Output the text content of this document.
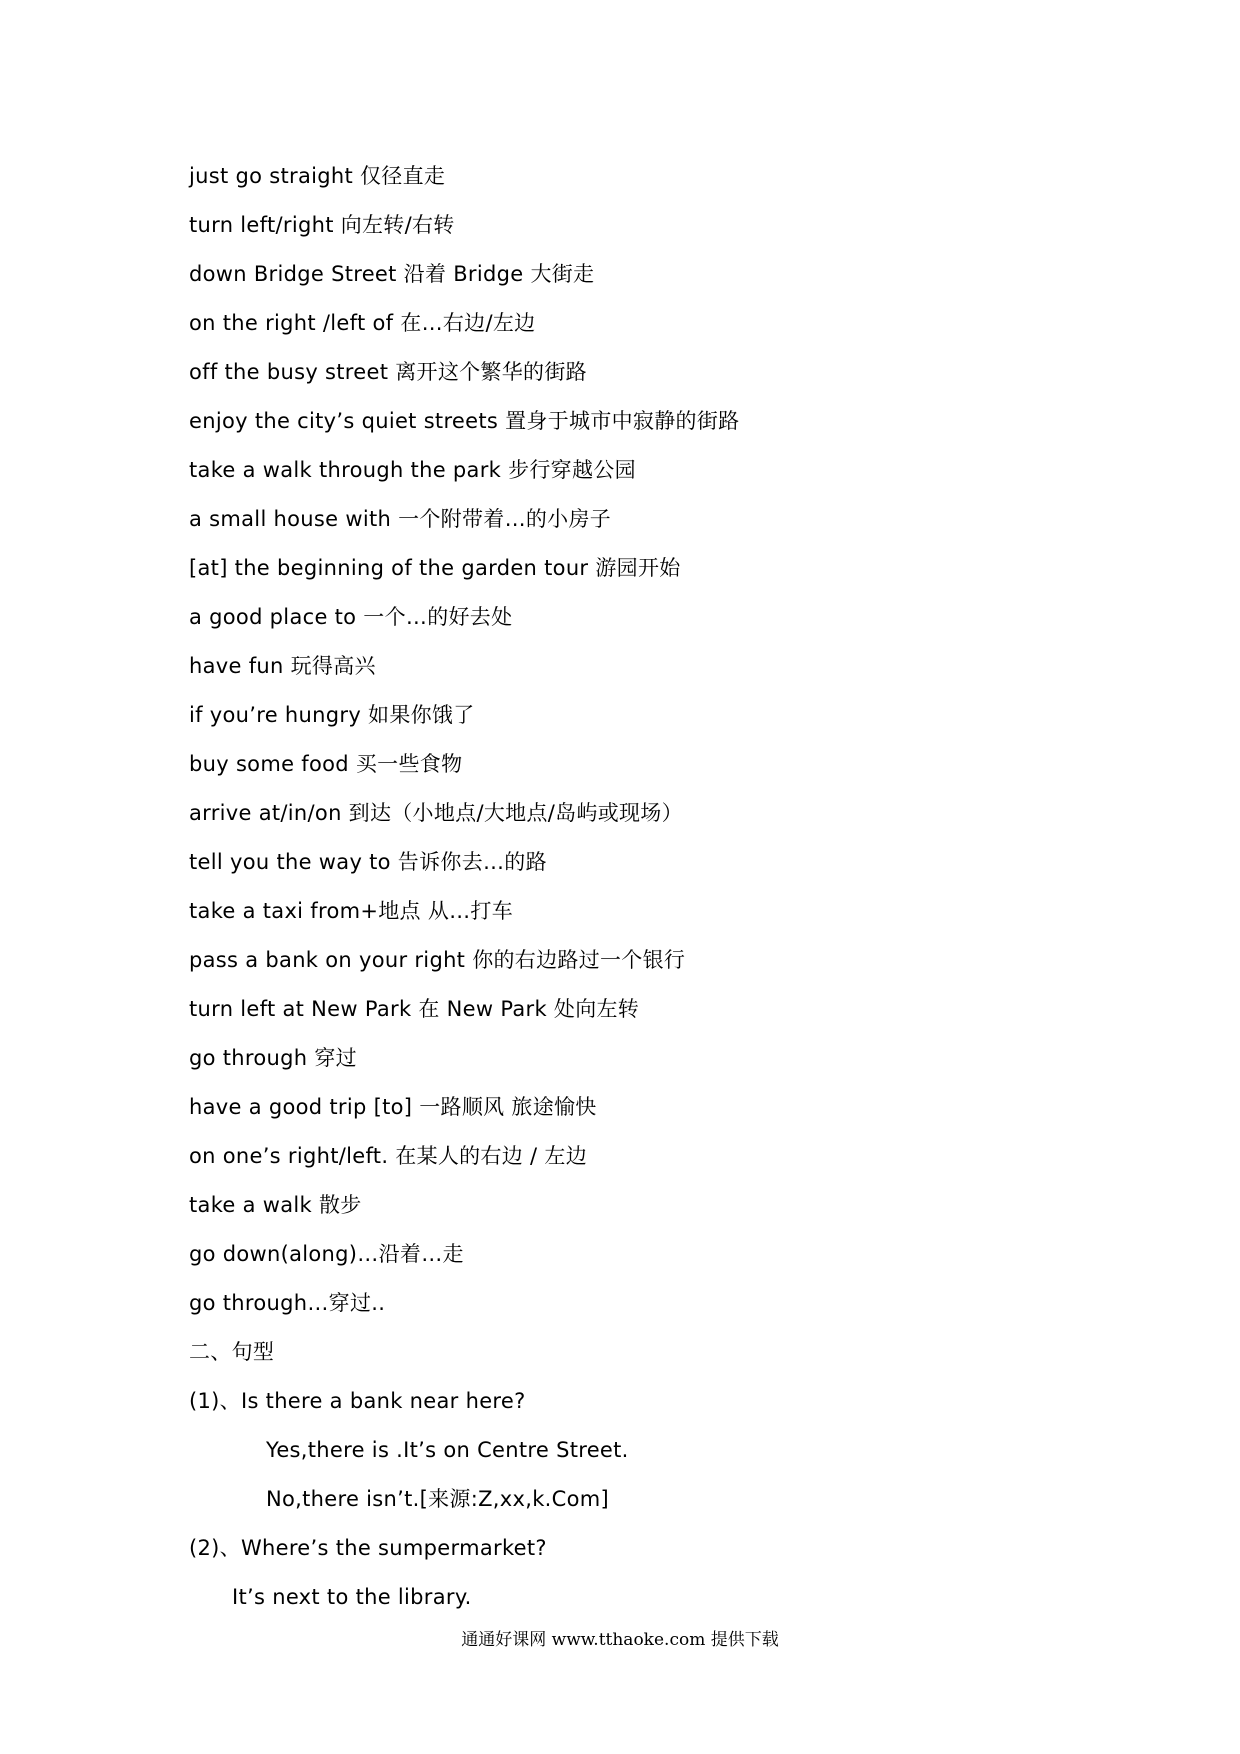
just go straight 仅径直走
turn left/right 向左转/右转
down Bridge Street 沿着 Bridge 大街走
on the right /left of 在…右边/左边
off the busy street 离开这个繁华的街路
enjoy the city’s quiet streets 置身于城市中寂静的街路
take a walk through the park 步行穿越公园
a small house with 一个附带着…的小房子
[at] the beginning of the garden tour 游园开始
a good place to 一个…的好去处
have fun 玩得高兴
if you’re hungry 如果你饿了
buy some food 买一些食物
arrive at/in/on 到达（小地点/大地点/岛屿或现场）
tell you the way to 告诉你去…的路
take a taxi from+地点 从…打车
pass a bank on your right 你的右边路过一个银行
turn left at New Park 在 New Park 处向左转
go through 穿过
have a good trip [to] 一路顺风 旅途愉快
on one’s right/left. 在某人的右边 / 左边
take a walk 散步
go down(along)…沿着…走
go through…穿过..
二、句型
(1)、Is there a bank near here?
Yes,there is .It’s on Centre Street.
No,there isn’t.[来源:Z,xx,k.Com]
(2)、Where’s the sumpermarket?
It’s next to the library.
通通好课网 www.tthaoke.com 提供下载
